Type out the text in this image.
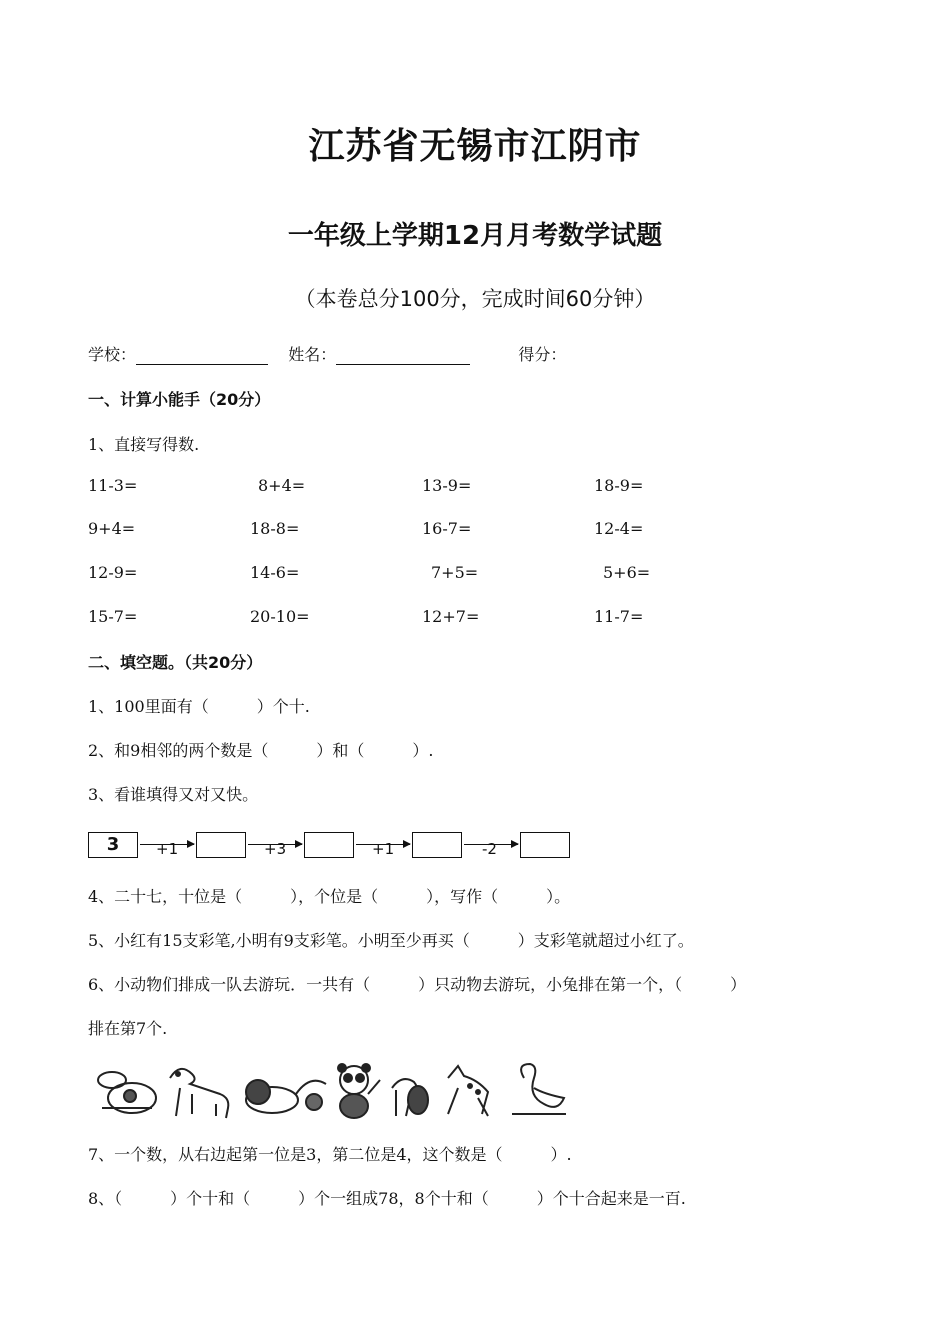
江苏省无锡市江阴市
一年级上学期12月月考数学试题
（本卷总分100分，完成时间60分钟）
学校：	姓名：	得分：
一、计算小能手（20分）
1、直接写得数.
11-3=	8+4=	13-9=	18-9=
9+4=	18-8=	16-7=	12-4=
12-9=	14-6=	7+5=	5+6=
15-7=	20-10=	12+7=	11-7=
二、填空题。（共20分）
1、100里面有（　　　）个十.
2、和9相邻的两个数是（　　　）和（　　　）.
3、看谁填得又对又快。
3	+1	+3	+1	-2
4、二十七，十位是（　　　），个位是（　　　），写作（　　　）。
5、小红有15支彩笔,小明有9支彩笔。小明至少再买（　　　）支彩笔就超过小红了。
6、小动物们排成一队去游玩．一共有（　　　）只动物去游玩，小兔排在第一个，（　　　）
排在第7个.
7、一个数，从右边起第一位是3，第二位是4，这个数是（　　　）.
8、（　　　）个十和（　　　）个一组成78，8个十和（　　　）个十合起来是一百.
